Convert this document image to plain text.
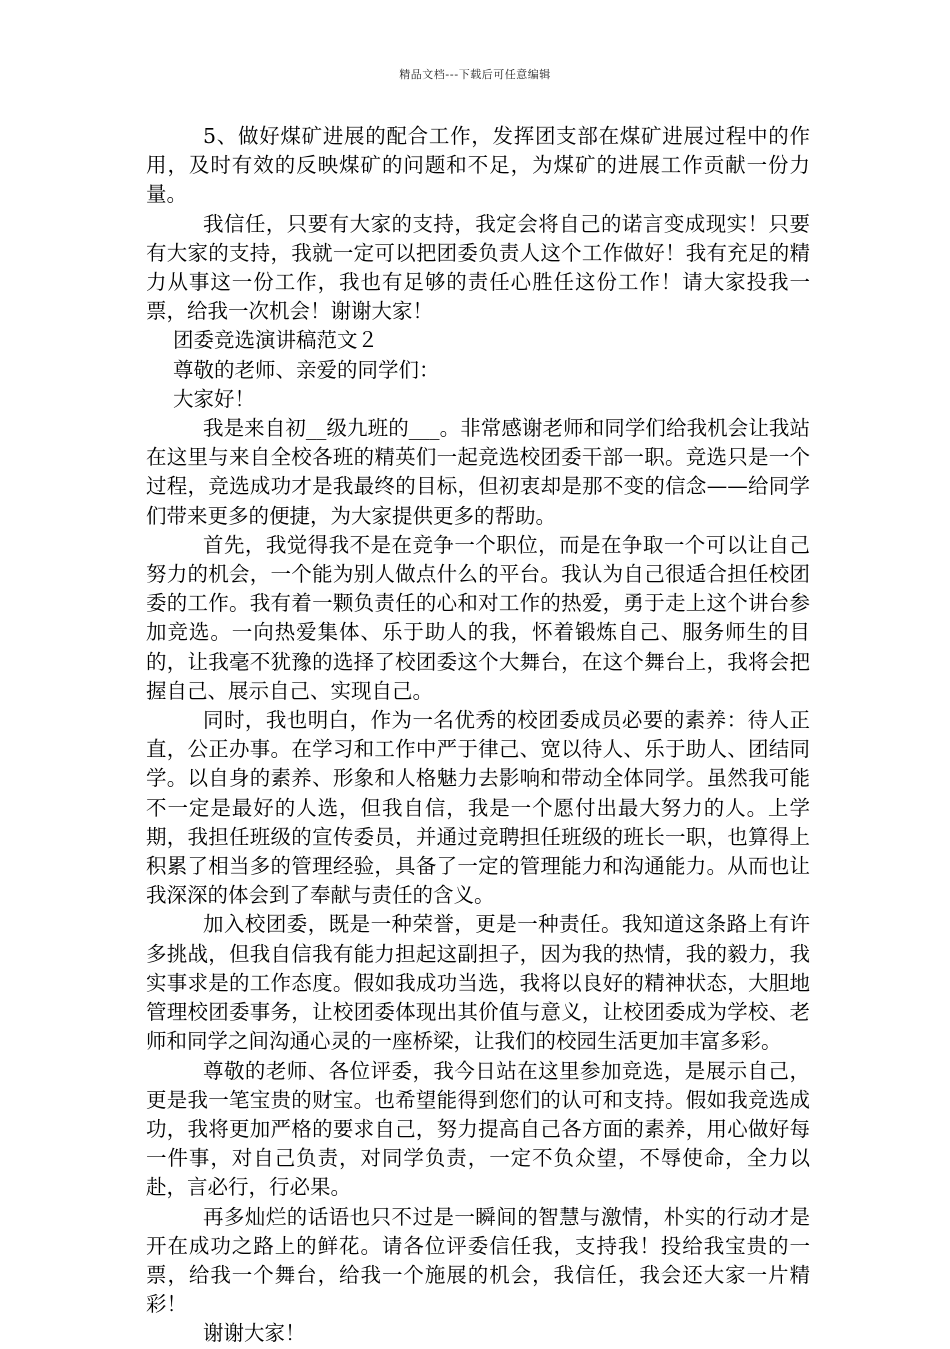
精品文档---下载后可任意编辑

5、做好煤矿进展的配合工作，发挥团支部在煤矿进展过程中的作用，及时有效的反映煤矿的问题和不足，为煤矿的进展工作贡献一份力量。

我信任，只要有大家的支持，我定会将自己的诺言变成现实！只要有大家的支持，我就一定可以把团委负责人这个工作做好！我有充足的精力从事这一份工作，我也有足够的责任心胜任这份工作！请大家投我一票，给我一次机会！谢谢大家！

团委竞选演讲稿范文２

尊敬的老师、亲爱的同学们：

大家好！

我是来自初__级九班的___。非常感谢老师和同学们给我机会让我站在这里与来自全校各班的精英们一起竞选校团委干部一职。竞选只是一个过程，竞选成功才是我最终的目标，但初衷却是那不变的信念——给同学们带来更多的便捷，为大家提供更多的帮助。

首先，我觉得我不是在竞争一个职位，而是在争取一个可以让自己努力的机会，一个能为别人做点什么的平台。我认为自己很适合担任校团委的工作。我有着一颗负责任的心和对工作的热爱，勇于走上这个讲台参加竞选。一向热爱集体、乐于助人的我，怀着锻炼自己、服务师生的目的，让我毫不犹豫的选择了校团委这个大舞台，在这个舞台上，我将会把握自己、展示自己、实现自己。

同时，我也明白，作为一名优秀的校团委成员必要的素养：待人正直，公正办事。在学习和工作中严于律己、宽以待人、乐于助人、团结同学。以自身的素养、形象和人格魅力去影响和带动全体同学。虽然我可能不一定是最好的人选，但我自信，我是一个愿付出最大努力的人。上学期，我担任班级的宣传委员，并通过竞聘担任班级的班长一职，也算得上积累了相当多的管理经验，具备了一定的管理能力和沟通能力。从而也让我深深的体会到了奉献与责任的含义。

加入校团委，既是一种荣誉，更是一种责任。我知道这条路上有许多挑战，但我自信我有能力担起这副担子，因为我的热情，我的毅力，我实事求是的工作态度。假如我成功当选，我将以良好的精神状态，大胆地管理校团委事务，让校团委体现出其价值与意义，让校团委成为学校、老师和同学之间沟通心灵的一座桥梁，让我们的校园生活更加丰富多彩。

尊敬的老师、各位评委，我今日站在这里参加竞选，是展示自己，更是我一笔宝贵的财宝。也希望能得到您们的认可和支持。假如我竞选成功，我将更加严格的要求自己，努力提高自己各方面的素养，用心做好每一件事，对自己负责，对同学负责，一定不负众望，不辱使命，全力以赴，言必行，行必果。

再多灿烂的话语也只不过是一瞬间的智慧与激情，朴实的行动才是开在成功之路上的鲜花。请各位评委信任我，支持我！投给我宝贵的一票，给我一个舞台，给我一个施展的机会，我信任，我会还大家一片精彩！

谢谢大家！
